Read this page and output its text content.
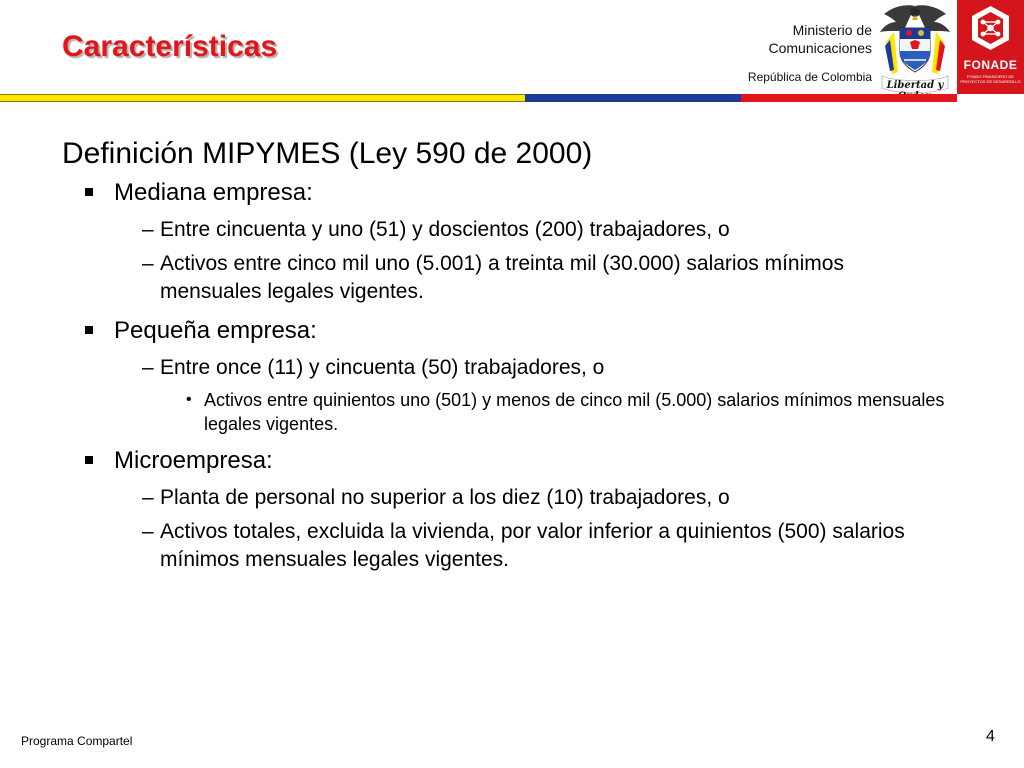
Características	Ministerio de
Comunicaciones
República de Colombia
Libertad y
FONADE
FONDO FINANCIERO DE PROYECTOS DE DESARROLLO
Definición MIPYMES (Ley 590 de 2000)
Mediana empresa:
– Entre cincuenta y uno (51) y doscientos (200) trabajadores, o
– Activos entre cinco mil uno (5.001) a treinta mil (30.000) salarios mínimos mensuales legales vigentes.
Pequeña empresa:
– Entre once (11) y cincuenta (50) trabajadores, o
• Activos entre quinientos uno (501) y menos de cinco mil (5.000) salarios mínimos mensuales legales vigentes.
Microempresa:
– Planta de personal no superior a los diez (10) trabajadores, o
– Activos totales, excluida la vivienda, por valor inferior a quinientos (500) salarios mínimos mensuales legales vigentes.
Programa Compartel	4
